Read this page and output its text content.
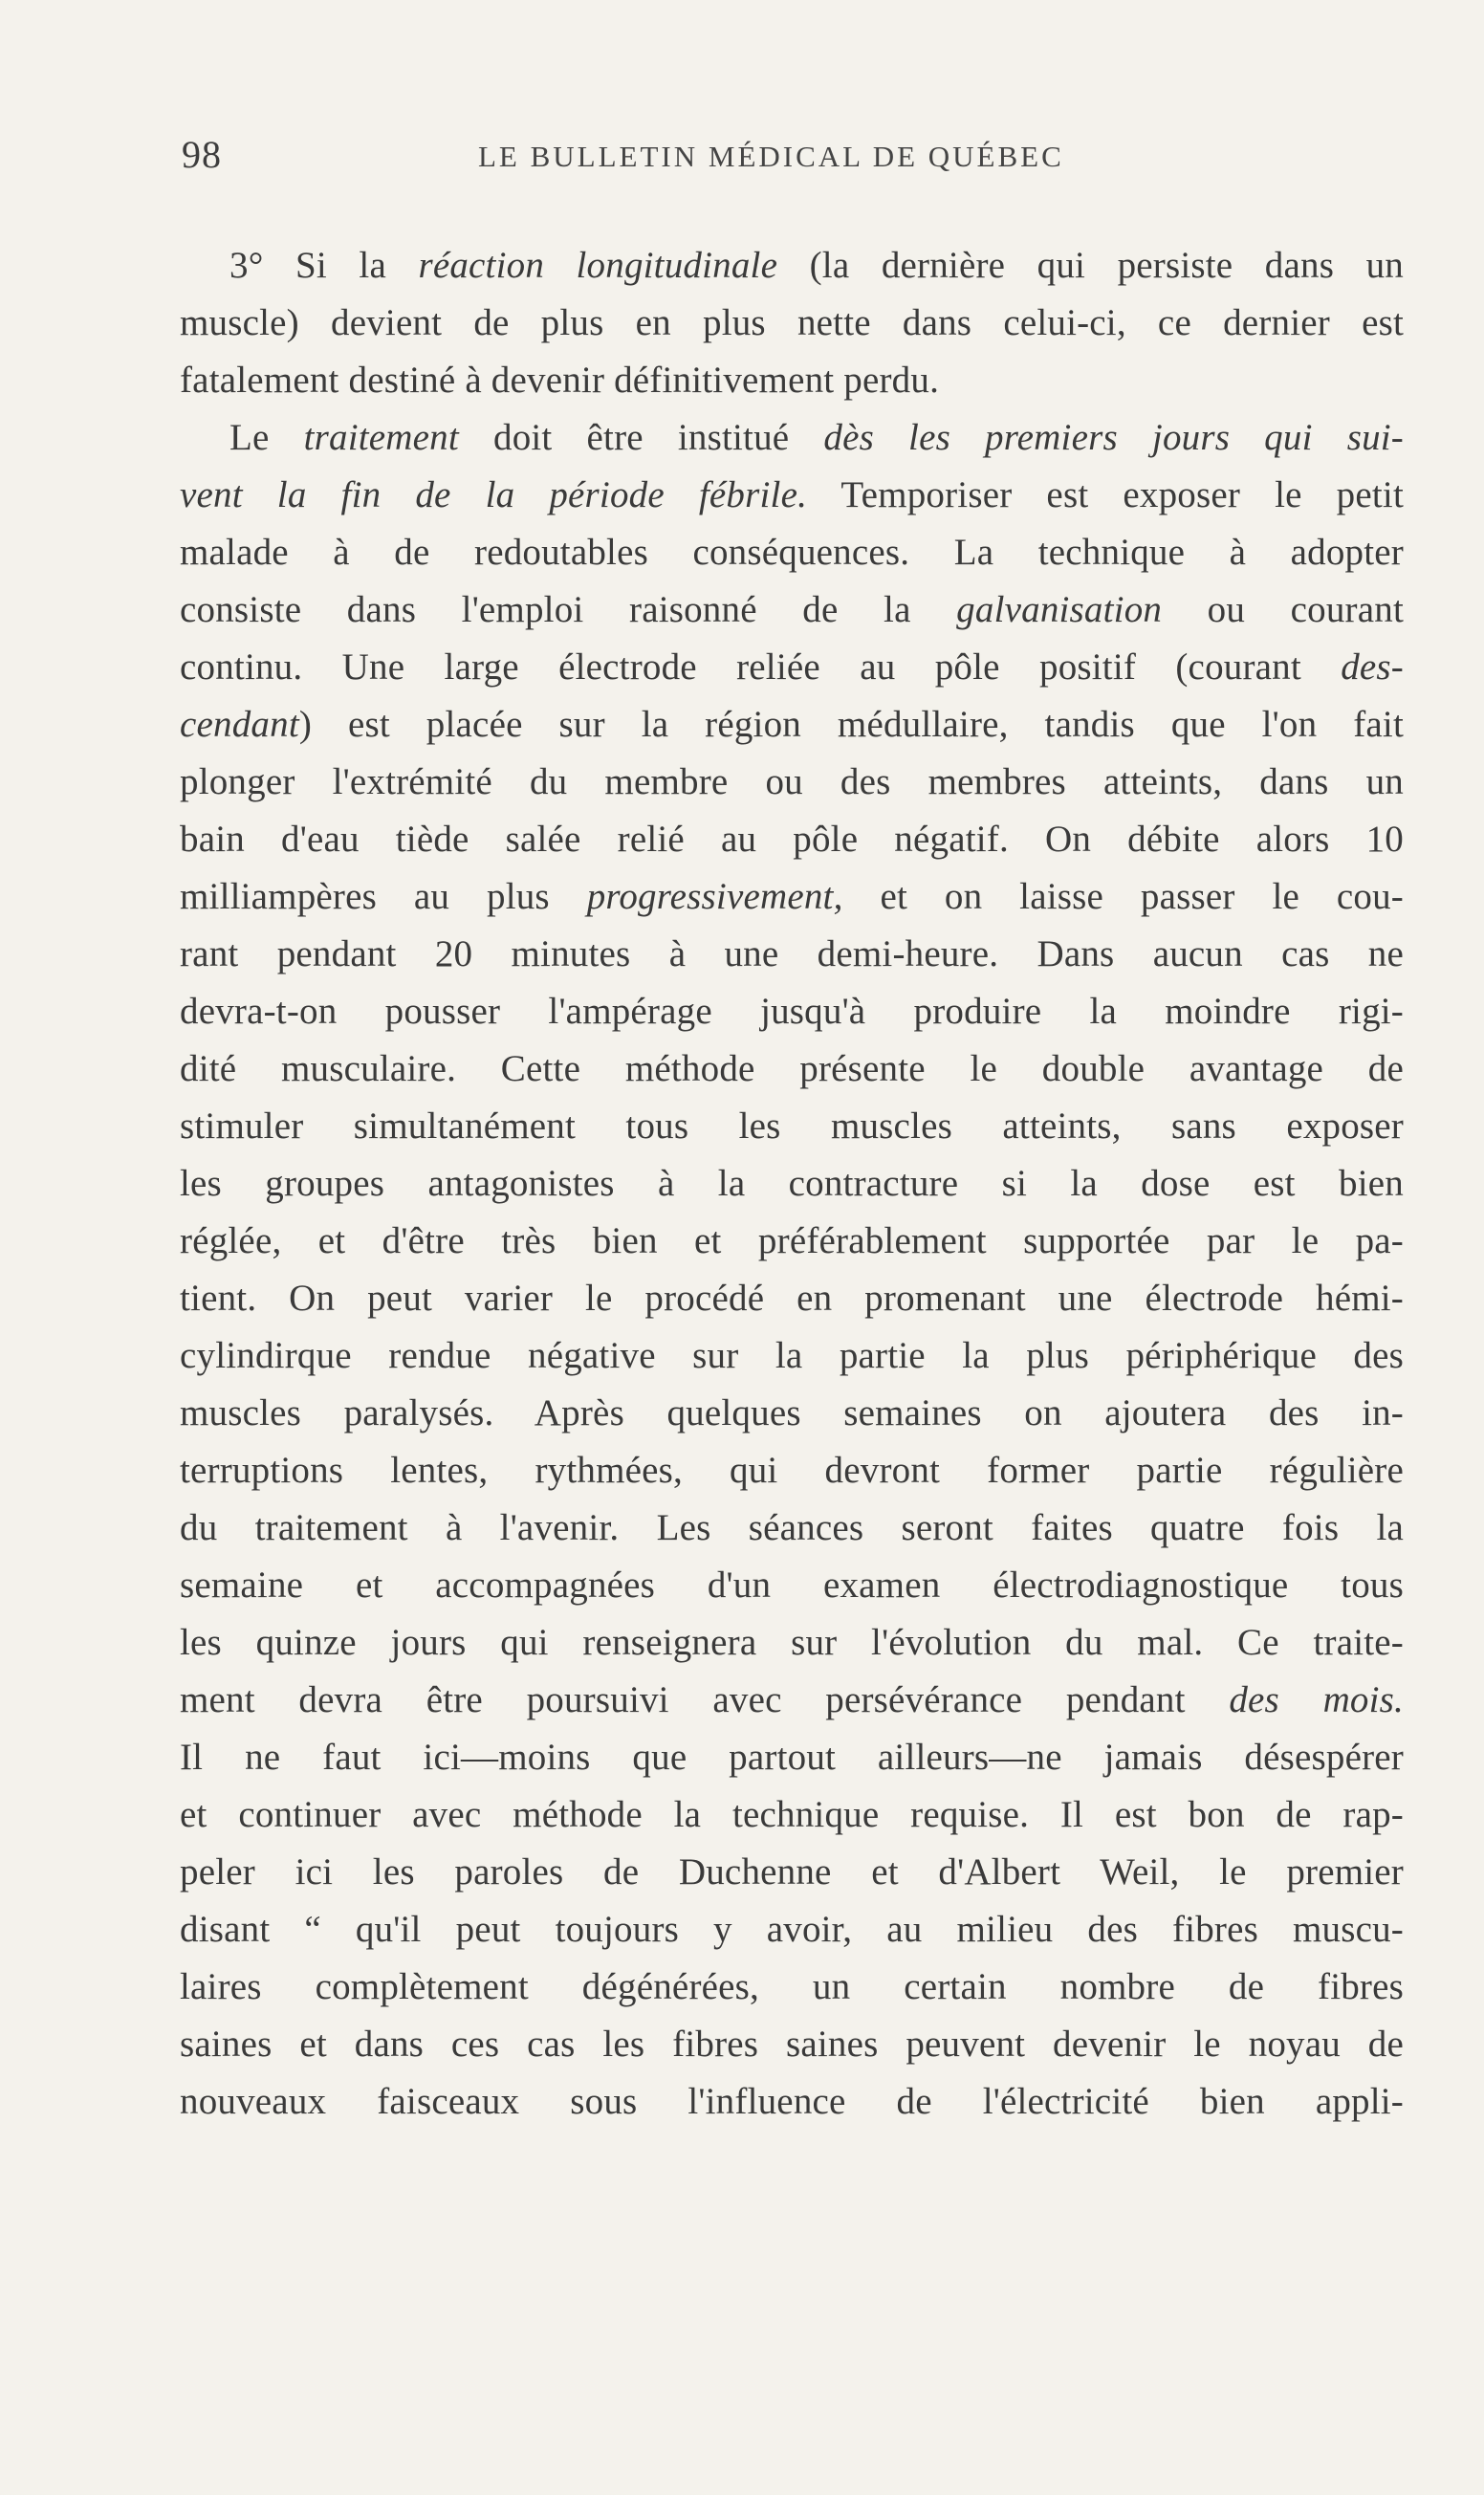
98	LE BULLETIN MÉDICAL DE QUÉBEC
3° Si la réaction longitudinale (la dernière qui persiste dans un
muscle) devient de plus en plus nette dans celui-ci, ce dernier est
fatalement destiné à devenir définitivement perdu.
Le traitement doit être institué dès les premiers jours qui sui-
vent la fin de la période fébrile. Temporiser est exposer le petit
malade à de redoutables conséquences. La technique à adopter
consiste dans l'emploi raisonné de la galvanisation ou courant
continu. Une large électrode reliée au pôle positif (courant des-
cendant) est placée sur la région médullaire, tandis que l'on fait
plonger l'extrémité du membre ou des membres atteints, dans un
bain d'eau tiède salée relié au pôle négatif. On débite alors 10
milliampères au plus progressivement, et on laisse passer le cou-
rant pendant 20 minutes à une demi-heure. Dans aucun cas ne
devra-t-on pousser l'ampérage jusqu'à produire la moindre rigi-
dité musculaire. Cette méthode présente le double avantage de
stimuler simultanément tous les muscles atteints, sans exposer
les groupes antagonistes à la contracture si la dose est bien
réglée, et d'être très bien et préférablement supportée par le pa-
tient. On peut varier le procédé en promenant une électrode hémi-
cylindirque rendue négative sur la partie la plus périphérique des
muscles paralysés. Après quelques semaines on ajoutera des in-
terruptions lentes, rythmées, qui devront former partie régulière
du traitement à l'avenir. Les séances seront faites quatre fois la
semaine et accompagnées d'un examen électrodiagnostique tous
les quinze jours qui renseignera sur l'évolution du mal. Ce traite-
ment devra être poursuivi avec persévérance pendant des mois.
Il ne faut ici—moins que partout ailleurs—ne jamais désespérer
et continuer avec méthode la technique requise. Il est bon de rap-
peler ici les paroles de Duchenne et d'Albert Weil, le premier
disant “ qu'il peut toujours y avoir, au milieu des fibres muscu-
laires complètement dégénérées, un certain nombre de fibres
saines et dans ces cas les fibres saines peuvent devenir le noyau de
nouveaux faisceaux sous l'influence de l'électricité bien appli-
